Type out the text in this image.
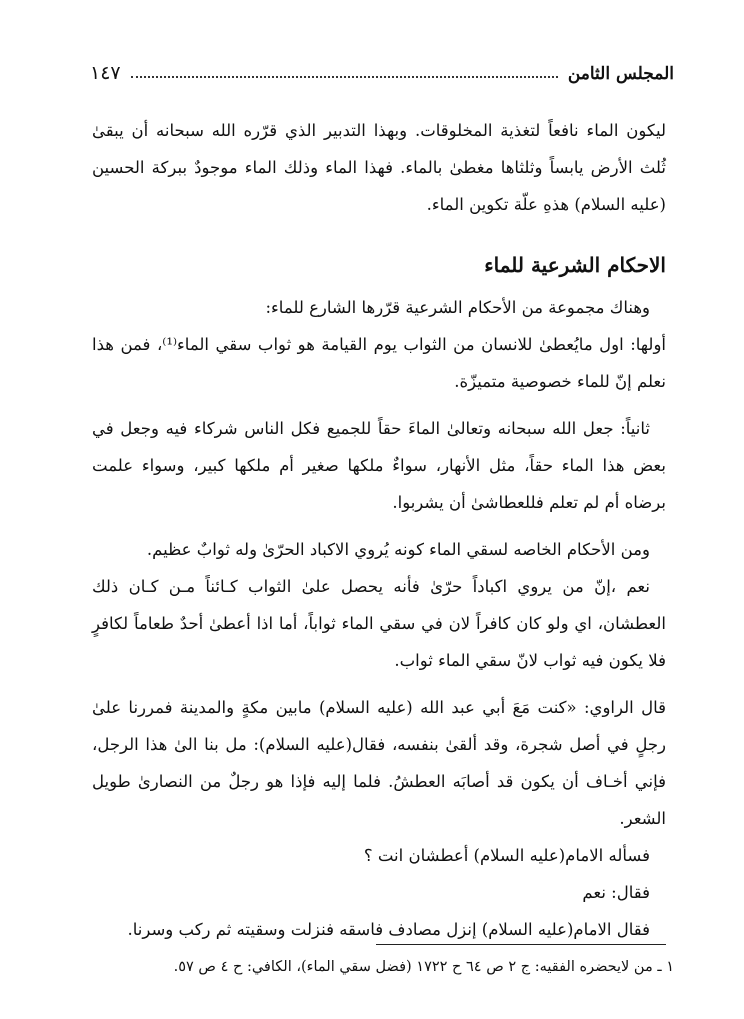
المجلس الثامن
١٤٧

ليكون الماء نافعاً لتغذية المخلوقات. وبهذا التدبير الذي قرّره الله سبحانه أن يبقىٰ ثُلث الأرض يابساً وثلثاها مغطىٰ بالماء. فهذا الماء وذلك الماء موجودٌ ببركة الحسين (عليه السلام) هذهِ علّة تكوين الماء.

الاحكام الشرعية للماء

وهناك مجموعة من الأحكام الشرعية قرّرها الشارع للماء:

أولها: اول مايُعطىٰ للانسان من الثواب يوم القيامة هو ثواب سقي الماء⁽¹⁾، فمن هذا نعلم إنّ للماء خصوصية متميزّة.

ثانياً: جعل الله سبحانه وتعالىٰ الماءَ حقاً للجميع فكل الناس شركاء فيه وجعل في بعض هذا الماء حقاً، مثل الأنهار، سواءٌ ملكها صغير أم ملكها كبير، وسواء علمت برضاه أم لم تعلم فللعطاشىٰ أن يشربوا.

ومن الأحكام الخاصه لسقي الماء كونه يُروي الاكباد الحرّىٰ وله ثوابٌ عظيم.

نعم ،إنّ من يروي اكباداً حرّىٰ فأنه يحصل علىٰ الثواب كـائناً مـن كـان ذلك العطشان، اي ولو كان كافراً لان في سقي الماء ثواباً، أما اذا أعطىٰ أحدٌ طعاماً لكافرٍ فلا يكون فيه ثواب لانّ سقي الماء ثواب.

قال الراوي: «كنت مَعَ أبي عبد الله (عليه السلام) مابين مكةٍ والمدينة فمررنا علىٰ رجلٍ في أصل شجرة، وقد ألقىٰ بنفسه، فقال(عليه السلام): مل بنا الىٰ هذا الرجل، فإني أخـاف أن يكون قد أصابَه العطشُ. فلما إليه فإذا هو رجلٌ من النصارىٰ طويل الشعر.

فسأله الامام(عليه السلام) أعطشان انت ؟

فقال: نعم

فقال الامام(عليه السلام) إنزل مصادف فاسقه فنزلت وسقيته ثم ركب وسرنا.

١ ـ من لايحضره الفقيه: ج ٢ ص ٦٤ ح ١٧٢٢ (فضل سقي الماء)، الكافي: ح ٤ ص ٥٧.
